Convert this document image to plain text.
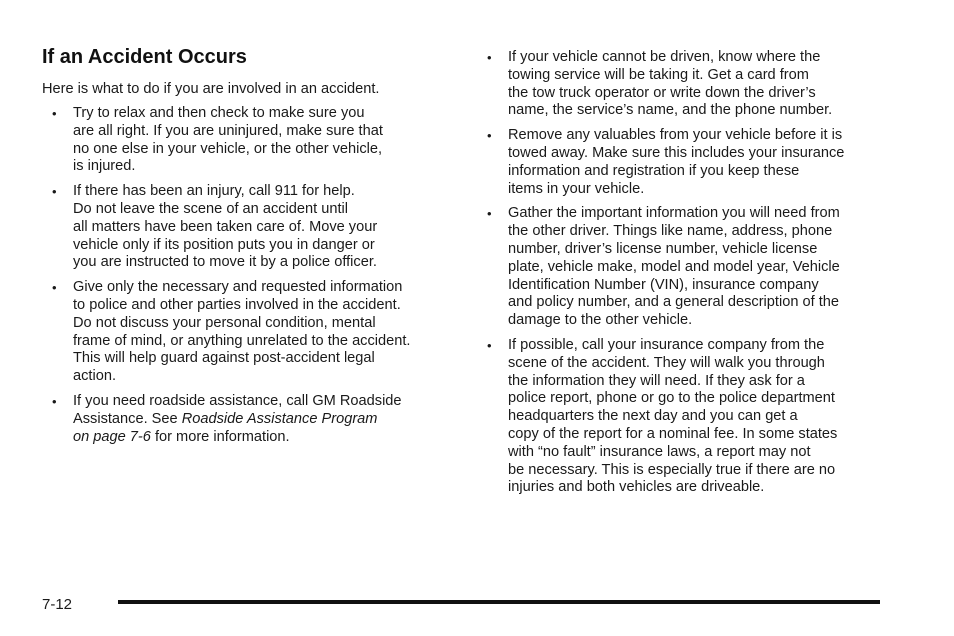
If an Accident Occurs

Here is what to do if you are involved in an accident.

• Try to relax and then check to make sure you
are all right. If you are uninjured, make sure that
no one else in your vehicle, or the other vehicle,
is injured.
• If there has been an injury, call 911 for help.
Do not leave the scene of an accident until
all matters have been taken care of. Move your
vehicle only if its position puts you in danger or
you are instructed to move it by a police officer.
• Give only the necessary and requested information
to police and other parties involved in the accident.
Do not discuss your personal condition, mental
frame of mind, or anything unrelated to the accident.
This will help guard against post-accident legal
action.
• If you need roadside assistance, call GM Roadside
Assistance. See Roadside Assistance Program
on page 7-6 for more information.
• If your vehicle cannot be driven, know where the
towing service will be taking it. Get a card from
the tow truck operator or write down the driver’s
name, the service’s name, and the phone number.
• Remove any valuables from your vehicle before it is
towed away. Make sure this includes your insurance
information and registration if you keep these
items in your vehicle.
• Gather the important information you will need from
the other driver. Things like name, address, phone
number, driver’s license number, vehicle license
plate, vehicle make, model and model year, Vehicle
Identification Number (VIN), insurance company
and policy number, and a general description of the
damage to the other vehicle.
• If possible, call your insurance company from the
scene of the accident. They will walk you through
the information they will need. If they ask for a
police report, phone or go to the police department
headquarters the next day and you can get a
copy of the report for a nominal fee. In some states
with “no fault” insurance laws, a report may not
be necessary. This is especially true if there are no
injuries and both vehicles are driveable.
7-12
